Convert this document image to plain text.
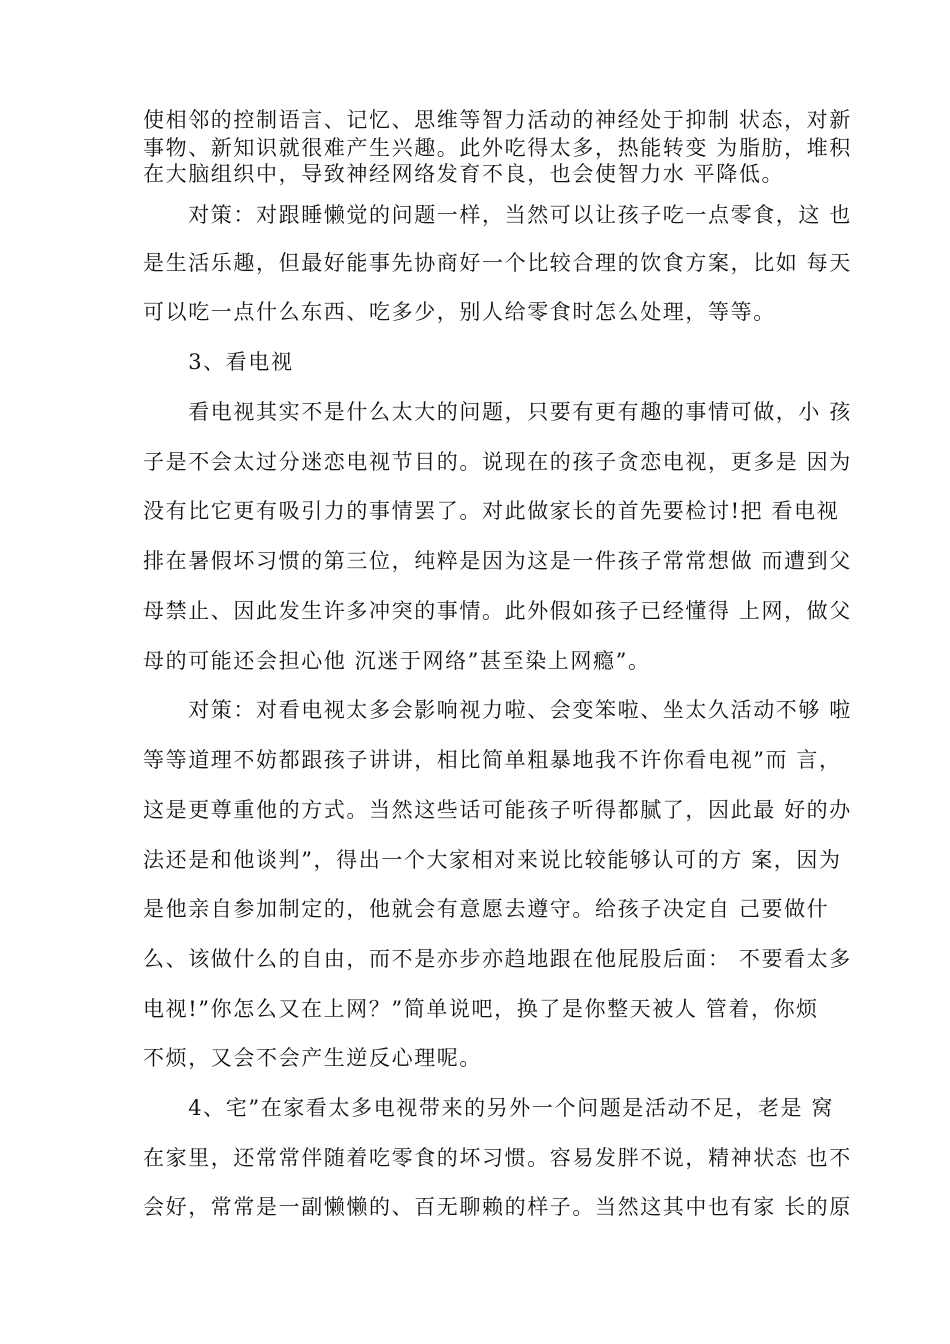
使相邻的控制语言、记忆、思维等智力活动的神经处于抑制 状态，对新
事物、新知识就很难产生兴趣。此外吃得太多，热能转变 为脂肪，堆积
在大脑组织中，导致神经网络发育不良，也会使智力水 平降低。
　　对策：对跟睡懒觉的问题一样，当然可以让孩子吃一点零食，这 也
是生活乐趣，但最好能事先协商好一个比较合理的饮食方案，比如 每天
可以吃一点什么东西、吃多少，别人给零食时怎么处理，等等。
　　3、看电视
　　看电视其实不是什么太大的问题，只要有更有趣的事情可做，小 孩
子是不会太过分迷恋电视节目的。说现在的孩子贪恋电视，更多是 因为
没有比它更有吸引力的事情罢了。对此做家长的首先要检讨!把 看电视
排在暑假坏习惯的第三位，纯粹是因为这是一件孩子常常想做 而遭到父
母禁止、因此发生许多冲突的事情。此外假如孩子已经懂得 上网，做父
母的可能还会担心他 沉迷于网络”甚至染上网瘾”。
　　对策：对看电视太多会影响视力啦、会变笨啦、坐太久活动不够 啦
等等道理不妨都跟孩子讲讲，相比简单粗暴地我不许你看电视”而 言，
这是更尊重他的方式。当然这些话可能孩子听得都腻了，因此最 好的办
法还是和他谈判”，得出一个大家相对来说比较能够认可的方 案，因为
是他亲自参加制定的，他就会有意愿去遵守。给孩子决定自 己要做什
么、该做什么的自由，而不是亦步亦趋地跟在他屁股后面： 不要看太多
电视!”你怎么又在上网？”简单说吧，换了是你整天被人 管着，你烦
不烦，又会不会产生逆反心理呢。
　　4、宅”在家看太多电视带来的另外一个问题是活动不足，老是 窝
在家里，还常常伴随着吃零食的坏习惯。容易发胖不说，精神状态 也不
会好，常常是一副懒懒的、百无聊赖的样子。当然这其中也有家 长的原
